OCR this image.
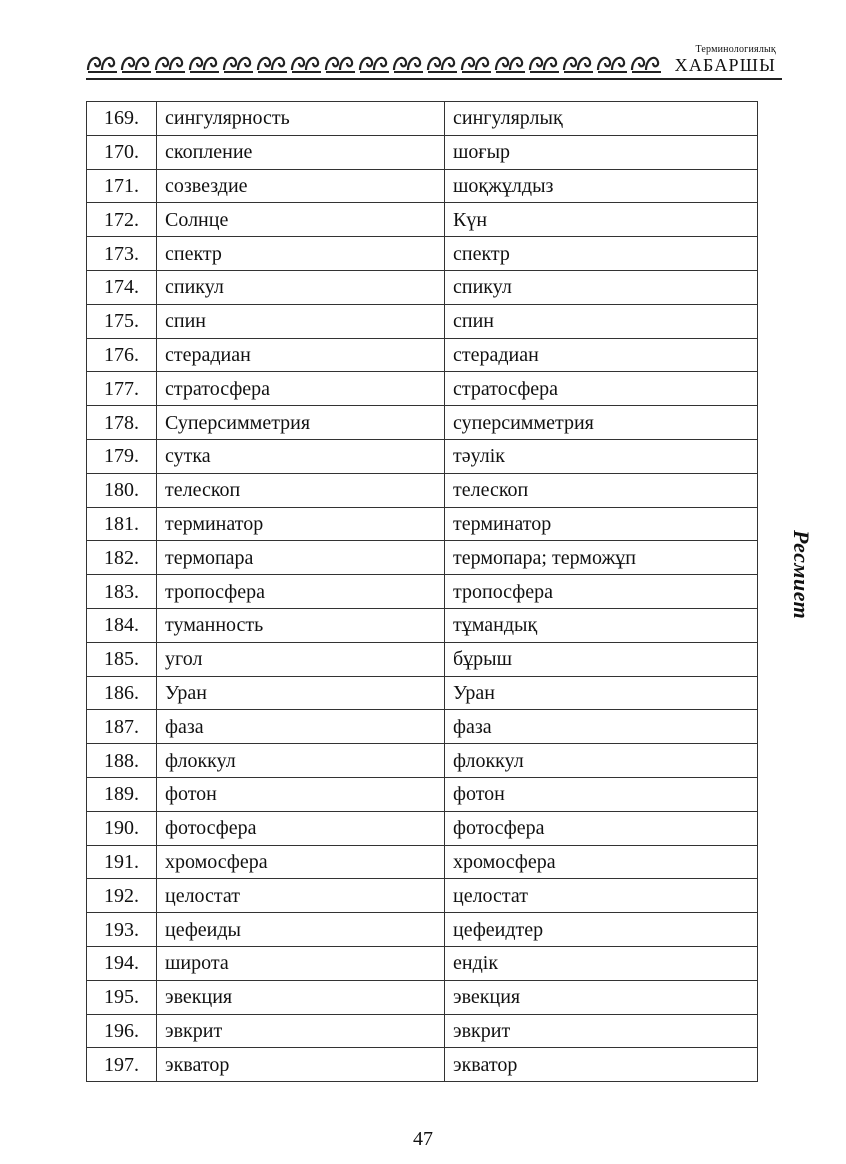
Терминологиялық
ХАБАРШЫ
169.	сингулярность	сингулярлық
170.	скопление	шоғыр
171.	созвездие	шоқжұлдыз
172.	Солнце	Күн
173.	спектр	спектр
174.	спикул	спикул
175.	спин	спин
176.	стерадиан	стерадиан
177.	стратосфера	стратосфера
178.	Суперсимметрия	суперсимметрия
179.	сутка	тәулік
180.	телескоп	телескоп
181.	терминатор	терминатор
182.	термопара	термопара; терможұп
183.	тропосфера	тропосфера
184.	туманность	тұмандық
185.	угол	бұрыш
186.	Уран	Уран
187.	фаза	фаза
188.	флоккул	флоккул
189.	фотон	фотон
190.	фотосфера	фотосфера
191.	хромосфера	хромосфера
192.	целостат	целостат
193.	цефеиды	цефеидтер
194.	широта	ендік
195.	эвекция	эвекция
196.	эвкрит	эвкрит
197.	экватор	экватор
Ресмиет
47
